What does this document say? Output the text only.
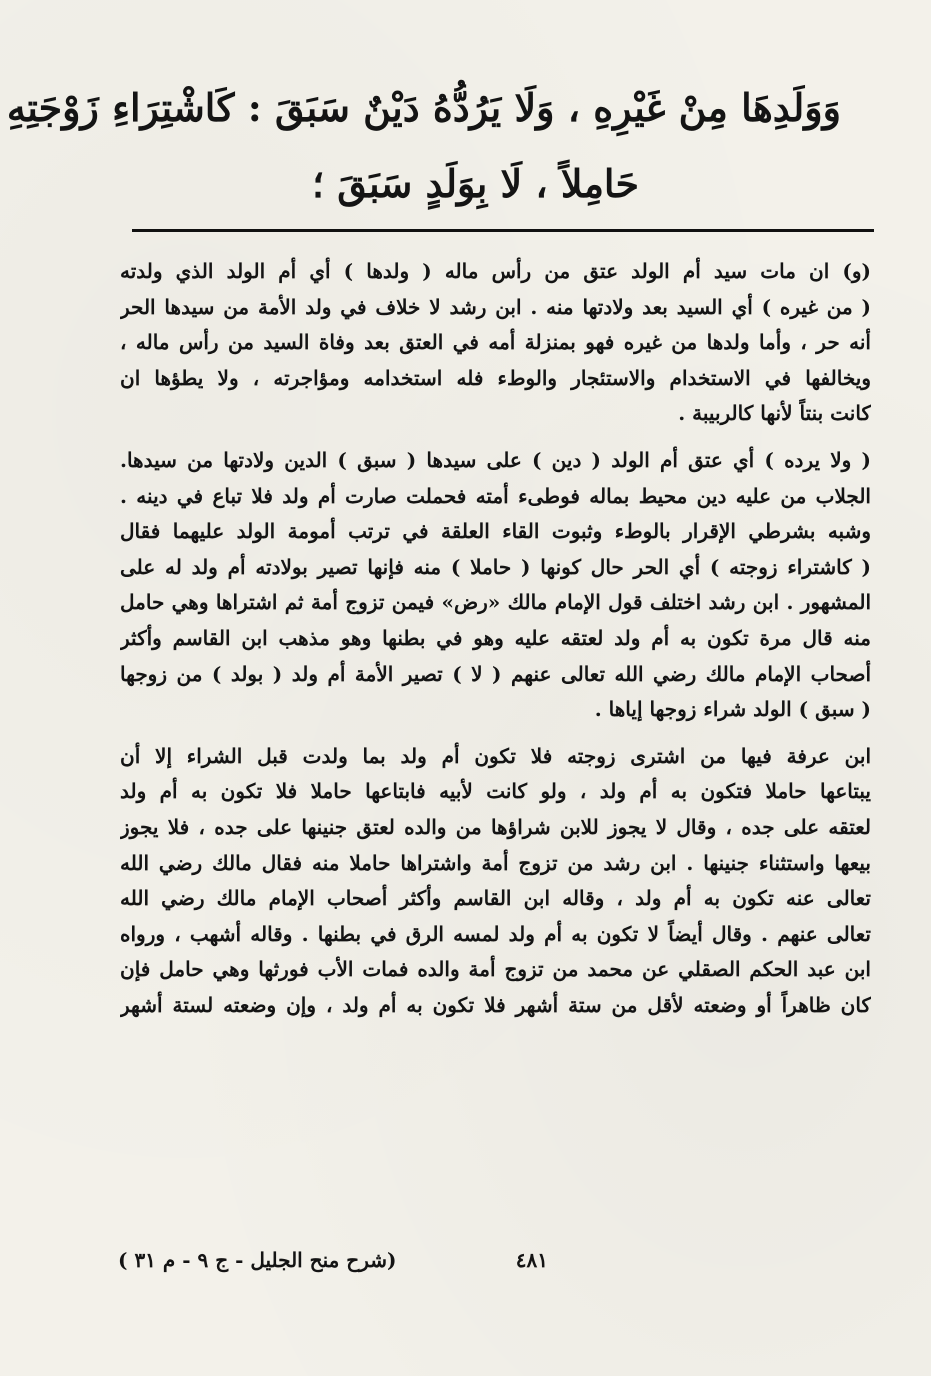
وَوَلَدِهَا مِنْ غَيْرِهِ ، وَلَا يَرُدُّهُ دَيْنٌ سَبَقَ : كَاشْتِرَاءِ زَوْجَتِهِ
حَامِلاً ، لَا بِوَلَدٍ سَبَقَ ؛
(و) ان مات سيد أم الولد عتق من رأس ماله ( ولدها ) أي أم الولد الذي ولدته
( من غيره ) أي السيد بعد ولادتها منه . ابن رشد لا خلاف في ولد الأمة من سيدها الحر
أنه حر ، وأما ولدها من غيره فهو بمنزلة أمه في العتق بعد وفاة السيد من رأس ماله ،
ويخالفها في الاستخدام والاستئجار والوطء فله استخدامه ومؤاجرته ، ولا يطؤها ان
كانت بنتاً لأنها كالربيبة .
( ولا يرده ) أي عتق أم الولد ( دين ) على سيدها ( سبق ) الدين ولادتها من سيدها.
الجلاب من عليه دين محيط بماله فوطىء أمته فحملت صارت أم ولد فلا تباع في دينه .
وشبه بشرطي الإقرار بالوطء وثبوت القاء العلقة في ترتب أمومة الولد عليهما فقال
( كاشتراء زوجته ) أي الحر حال كونها ( حاملا ) منه فإنها تصير بولادته أم ولد له على
المشهور . ابن رشد اختلف قول الإمام مالك «رض» فيمن تزوج أمة ثم اشتراها وهي حامل
منه قال مرة تكون به أم ولد لعتقه عليه وهو في بطنها وهو مذهب ابن القاسم وأكثر
أصحاب الإمام مالك رضي الله تعالى عنهم ( لا ) تصير الأمة أم ولد ( بولد ) من زوجها
( سبق ) الولد شراء زوجها إياها .
ابن عرفة فيها من اشترى زوجته فلا تكون أم ولد بما ولدت قبل الشراء إلا أن
يبتاعها حاملا فتكون به أم ولد ، ولو كانت لأبيه فابتاعها حاملا فلا تكون به أم ولد
لعتقه على جده ، وقال لا يجوز للابن شراؤها من والده لعتق جنينها على جده ، فلا يجوز
بيعها واستثناء جنينها . ابن رشد من تزوج أمة واشتراها حاملا منه فقال مالك رضي الله
تعالى عنه تكون به أم ولد ، وقاله ابن القاسم وأكثر أصحاب الإمام مالك رضي الله
تعالى عنهم . وقال أيضاً لا تكون به أم ولد لمسه الرق في بطنها . وقاله أشهب ، ورواه
ابن عبد الحكم الصقلي عن محمد من تزوج أمة والده فمات الأب فورثها وهي حامل فإن
كان ظاهراً أو وضعته لأقل من ستة أشهر فلا تكون به أم ولد ، وإن وضعته لستة أشهر
٤٨١
(شرح منح الجليل - ج ٩ - م ٣١ )
